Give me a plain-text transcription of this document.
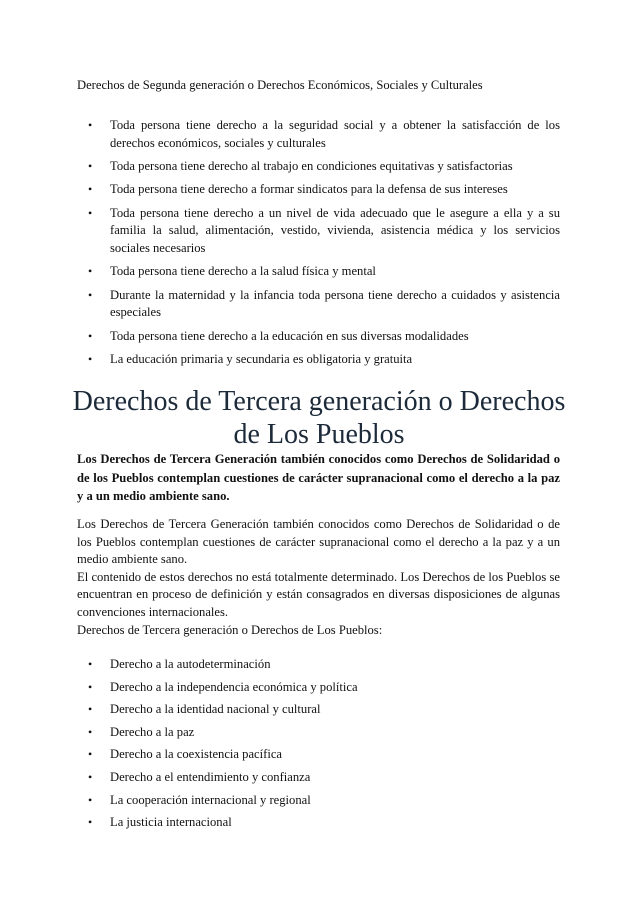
Derechos de Segunda generación o Derechos Económicos, Sociales y Culturales
• Toda persona tiene derecho a la seguridad social y a obtener la satisfacción de los derechos económicos, sociales y culturales
• Toda persona tiene derecho al trabajo en condiciones equitativas y satisfactorias
• Toda persona tiene derecho a formar sindicatos para la defensa de sus intereses
• Toda persona tiene derecho a un nivel de vida adecuado que le asegure a ella y a su familia la salud, alimentación, vestido, vivienda, asistencia médica y los servicios sociales necesarios
• Toda persona tiene derecho a la salud física y mental
• Durante la maternidad y la infancia toda persona tiene derecho a cuidados y asistencia especiales
• Toda persona tiene derecho a la educación en sus diversas modalidades
• La educación primaria y secundaria es obligatoria y gratuita
Derechos de Tercera generación o Derechos de Los Pueblos
Los Derechos de Tercera Generación también conocidos como Derechos de Solidaridad o de los Pueblos contemplan cuestiones de carácter supranacional como el derecho a la paz y a un medio ambiente sano.
Los Derechos de Tercera Generación también conocidos como Derechos de Solidaridad o de los Pueblos contemplan cuestiones de carácter supranacional como el derecho a la paz y a un medio ambiente sano.
El contenido de estos derechos no está totalmente determinado. Los Derechos de los Pueblos se encuentran en proceso de definición y están consagrados en diversas disposiciones de algunas convenciones internacionales.
Derechos de Tercera generación o Derechos de Los Pueblos:
• Derecho a la autodeterminación
• Derecho a la independencia económica y política
• Derecho a la identidad nacional y cultural
• Derecho a la paz
• Derecho a la coexistencia pacífica
• Derecho a el entendimiento y confianza
• La cooperación internacional y regional
• La justicia internacional
